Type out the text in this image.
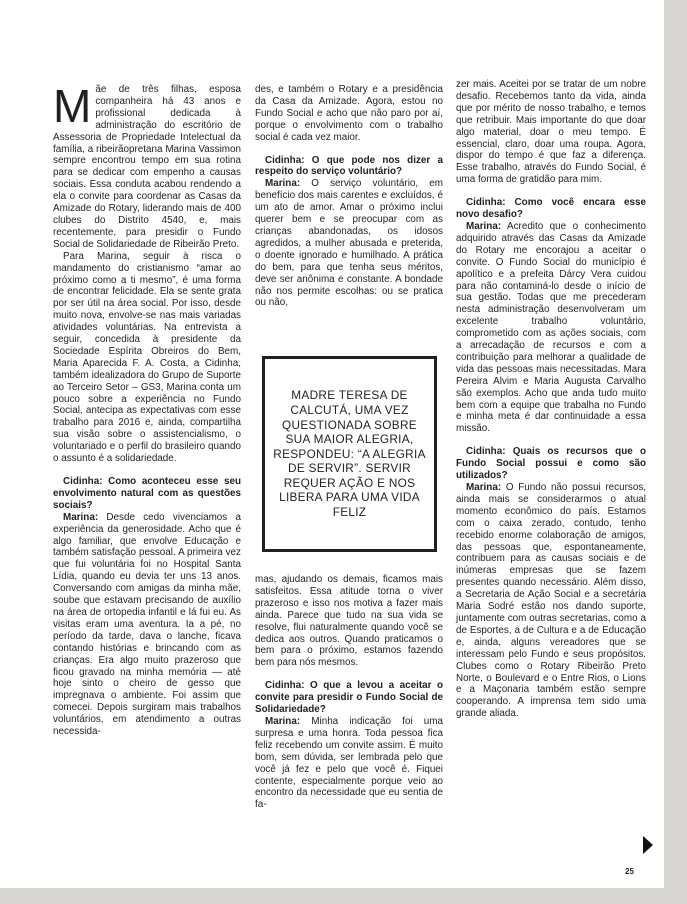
Mãe de três filhas, esposa companheira há 43 anos e profissional dedicada à administração do escritório de Assessoria de Propriedade Intelectual da família, a ribeirãopretana Marina Vassimon sempre encontrou tempo em sua rotina para se dedicar com empenho a causas sociais. Essa conduta acabou rendendo a ela o convite para coordenar as Casas da Amizade do Rotary, liderando mais de 400 clubes do Distrito 4540, e, mais recentemente, para presidir o Fundo Social de Solidariedade de Ribeirão Preto.

Para Marina, seguir à risca o mandamento do cristianismo “amar ao próximo como a ti mesmo”, é uma forma de encontrar felicidade. Ela se sente grata por ser útil na área social. Por isso, desde muito nova, envolve-se nas mais variadas atividades voluntárias. Na entrevista a seguir, concedida à presidente da Sociedade Espírita Obreiros do Bem, Maria Aparecida F. A. Costa, a Cidinha, também idealizadora do Grupo de Suporte ao Terceiro Setor – GS3, Marina conta um pouco sobre a experiência no Fundo Social, antecipa as expectativas com esse trabalho para 2016 e, ainda, compartilha sua visão sobre o assistencialismo, o voluntariado e o perfil do brasileiro quando o assunto é a solidariedade.

Cidinha: Como aconteceu esse seu envolvimento natural com as questões sociais?

Marina: Desde cedo vivenciamos a experiência da generosidade. Acho que é algo familiar, que envolve Educação e também satisfação pessoal. A primeira vez que fui voluntária foi no Hospital Santa Lídia, quando eu devia ter uns 13 anos. Conversando com amigas da minha mãe, soube que estavam precisando de auxílio na área de ortopedia infantil e lá fui eu. As visitas eram uma aventura. Ia a pé, no período da tarde, dava o lanche, ficava contando histórias e brincando com as crianças. Era algo muito prazeroso que ficou gravado na minha memória — até hoje sinto o cheiro de gesso que impregnava o ambiente. Foi assim que comecei. Depois surgiram mais trabalhos voluntários, em atendimento a outras necessida-

des, e também o Rotary e a presidência da Casa da Amizade. Agora, estou no Fundo Social e acho que não paro por aí, porque o envolvimento com o trabalho social é cada vez maior.

Cidinha: O que pode nos dizer a respeito do serviço voluntário?

Marina: O serviço voluntário, em benefício dos mais carentes e excluídos, é um ato de amor. Amar o próximo inclui querer bem e se preocupar com as crianças abandonadas, os idosos agredidos, a mulher abusada e preterida, o doente ignorado e humilhado. A prática do bem, para que tenha seus méritos, deve ser anônima e constante. A bondade não nos permite escolhas: ou se pratica ou não,

MADRE TERESA DE CALCUTÁ, UMA VEZ QUESTIONADA SOBRE SUA MAIOR ALEGRIA, RESPONDEU: “A ALEGRIA DE SERVIR”. SERVIR REQUER AÇÃO E NOS LIBERA PARA UMA VIDA FELIZ

mas, ajudando os demais, ficamos mais satisfeitos. Essa atitude torna o viver prazeroso e isso nos motiva a fazer mais ainda. Parece que tudo na sua vida se resolve, flui naturalmente quando você se dedica aos outros. Quando praticamos o bem para o próximo, estamos fazendo bem para nós mesmos.

Cidinha: O que a levou a aceitar o convite para presidir o Fundo Social de Solidariedade?

Marina: Minha indicação foi uma surpresa e uma honra. Toda pessoa fica feliz recebendo um convite assim. É muito bom, sem dúvida, ser lembrada pelo que você já fez e pelo que você é. Fiquei contente, especialmente porque veio ao encontro da necessidade que eu sentia de fa-

zer mais. Aceitei por se tratar de um nobre desafio. Recebemos tanto da vida, ainda que por mérito de nosso trabalho, e temos que retribuir. Mais importante do que doar algo material, doar o meu tempo. É essencial, claro, doar uma roupa. Agora, dispor do tempo é que faz a diferença. Esse trabalho, através do Fundo Social, é uma forma de gratidão para mim.

Cidinha: Como você encara esse novo desafio?

Marina: Acredito que o conhecimento adquirido através das Casas da Amizade do Rotary me encorajou a aceitar o convite. O Fundo Social do município é apolítico e a prefeita Dárcy Vera cuidou para não contaminá-lo desde o início de sua gestão. Todas que me precederam nesta administração desenvolveram um excelente trabalho voluntário, comprometido com as ações sociais, com a arrecadação de recursos e com a contribuição para melhorar a qualidade de vida das pessoas mais necessitadas. Mara Pereira Alvim e Maria Augusta Carvalho são exemplos. Acho que anda tudo muito bem com a equipe que trabalha no Fundo e minha meta é dar continuidade a essa missão.

Cidinha: Quais os recursos que o Fundo Social possui e como são utilizados?

Marina: O Fundo não possui recursos, ainda mais se considerarmos o atual momento econômico do país. Estamos com o caixa zerado, contudo, tenho recebido enorme colaboração de amigos, das pessoas que, espontaneamente, contribuem para as causas sociais e de inúmeras empresas que se fazem presentes quando necessário. Além disso, a Secretaria de Ação Social e a secretária Maria Sodré estão nos dando suporte, juntamente com outras secretarias, como a de Esportes, a de Cultura e a de Educação e, ainda, alguns vereadores que se interessam pelo Fundo e seus propósitos. Clubes como o Rotary Ribeirão Preto Norte, o Boulevard e o Entre Rios, o Lions e a Maçonaria também estão sempre cooperando. A imprensa tem sido uma grande aliada.

25
